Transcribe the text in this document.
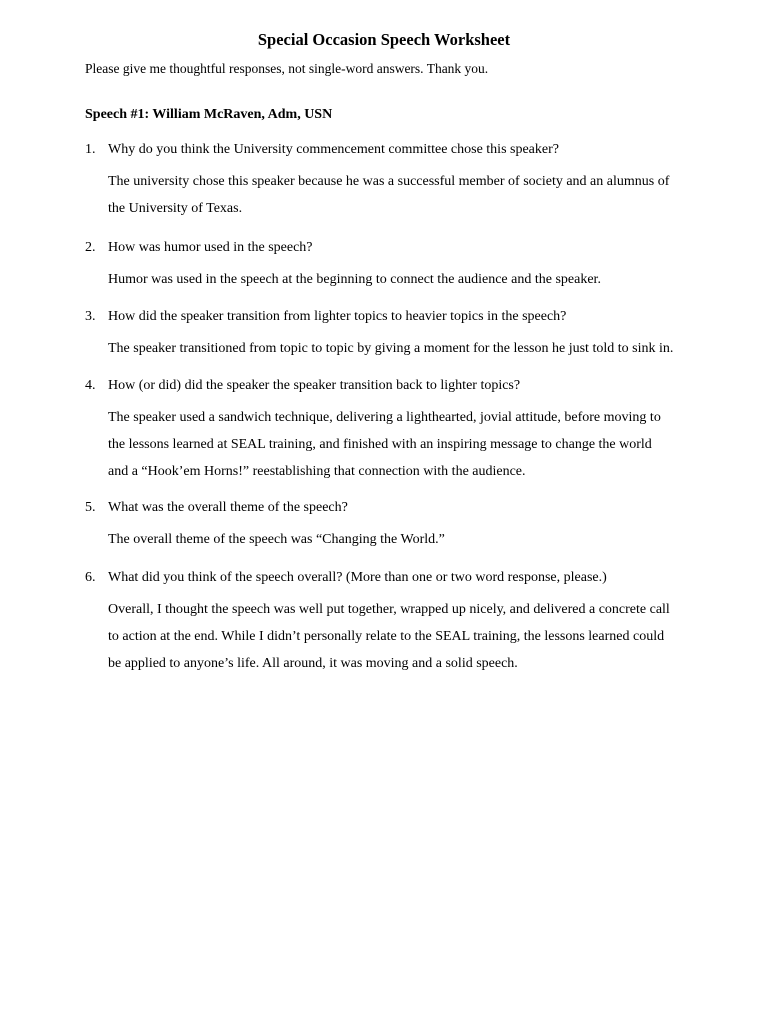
Special Occasion Speech Worksheet
Please give me thoughtful responses, not single-word answers. Thank you.
Speech #1: William McRaven, Adm, USN
1. Why do you think the University commencement committee chose this speaker?
The university chose this speaker because he was a successful member of society and an alumnus of
the University of Texas.
2. How was humor used in the speech?
Humor was used in the speech at the beginning to connect the audience and the speaker.
3. How did the speaker transition from lighter topics to heavier topics in the speech?
The speaker transitioned from topic to topic by giving a moment for the lesson he just told to sink in.
4. How (or did) did the speaker the speaker transition back to lighter topics?
The speaker used a sandwich technique, delivering a lighthearted, jovial attitude, before moving to
the lessons learned at SEAL training, and finished with an inspiring message to change the world
and a “Hook’em Horns!” reestablishing that connection with the audience.
5. What was the overall theme of the speech?
The overall theme of the speech was “Changing the World.”
6. What did you think of the speech overall? (More than one or two word response, please.)
Overall, I thought the speech was well put together, wrapped up nicely, and delivered a concrete call
to action at the end. While I didn’t personally relate to the SEAL training, the lessons learned could
be applied to anyone’s life. All around, it was moving and a solid speech.
